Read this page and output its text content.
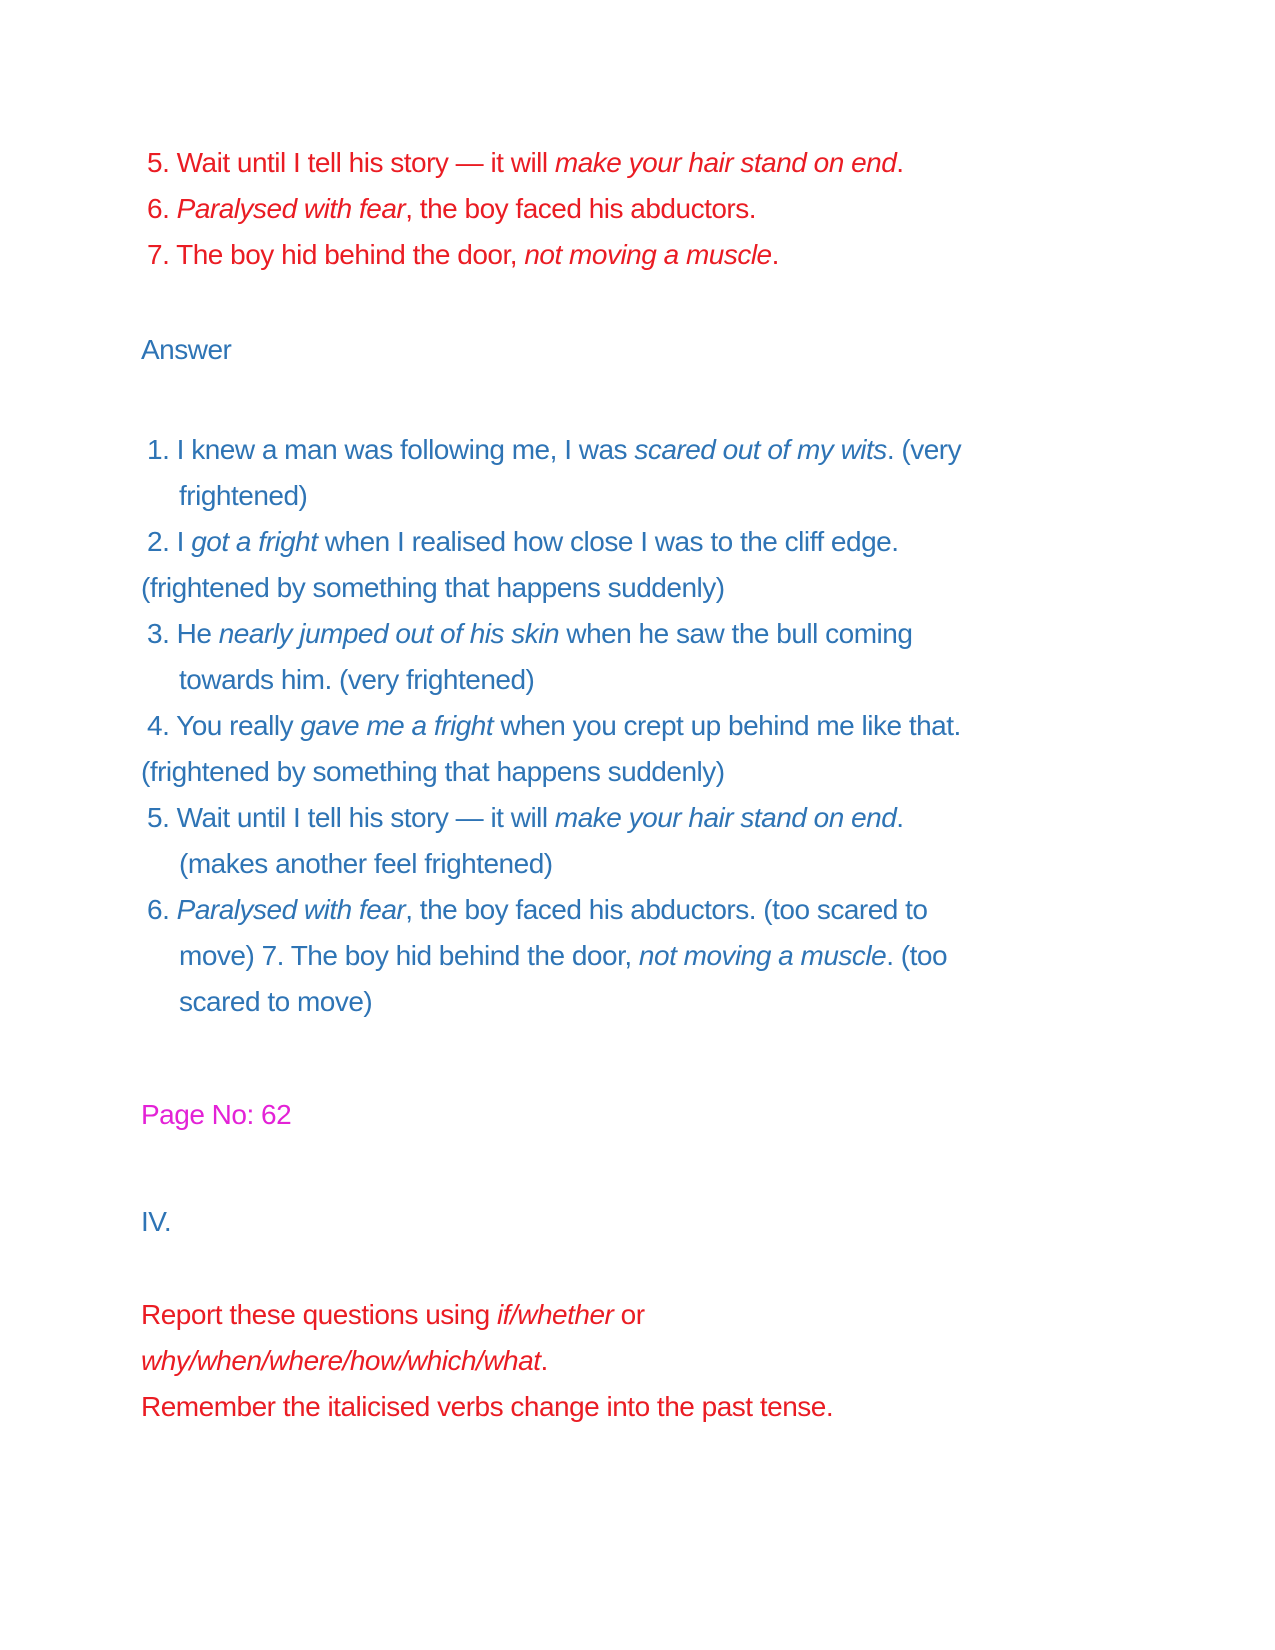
5. Wait until I tell his story — it will make your hair stand on end.
6. Paralysed with fear, the boy faced his abductors.
7. The boy hid behind the door, not moving a muscle.
Answer
1. I knew a man was following me, I was scared out of my wits. (very
frightened)
2. I got a fright when I realised how close I was to the cliff edge.
(frightened by something that happens suddenly)
3. He nearly jumped out of his skin when he saw the bull coming
towards him. (very frightened)
4. You really gave me a fright when you crept up behind me like that.
(frightened by something that happens suddenly)
5. Wait until I tell his story — it will make your hair stand on end.
(makes another feel frightened)
6. Paralysed with fear, the boy faced his abductors. (too scared to
move) 7. The boy hid behind the door, not moving a muscle. (too
scared to move)
Page No: 62
IV.
Report these questions using if/whether or
why/when/where/how/which/what.
Remember the italicised verbs change into the past tense.
